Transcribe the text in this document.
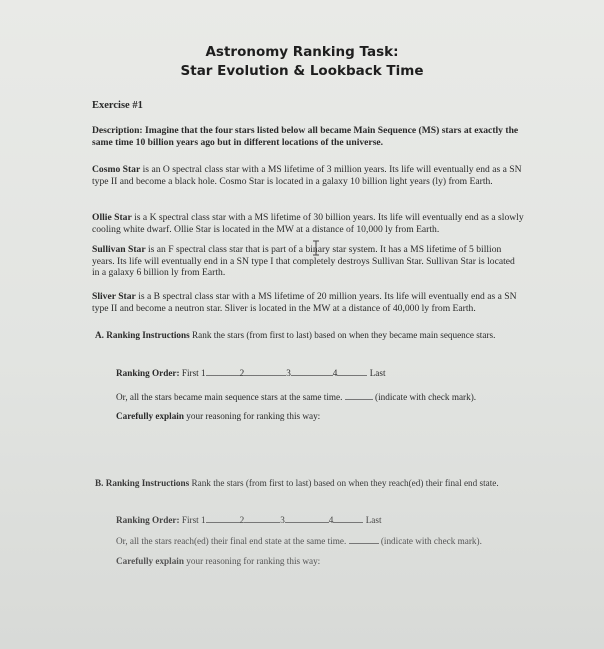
Astronomy Ranking Task:
Star Evolution & Lookback Time
Exercise #1
Description: Imagine that the four stars listed below all became Main Sequence (MS) stars at exactly the same time 10 billion years ago but in different locations of the universe.
Cosmo Star is an O spectral class star with a MS lifetime of 3 million years. Its life will eventually end as a SN type II and become a black hole. Cosmo Star is located in a galaxy 10 billion light years (ly) from Earth.
Ollie Star is a K spectral class star with a MS lifetime of 30 billion years. Its life will eventually end as a slowly cooling white dwarf. Ollie Star is located in the MW at a distance of 10,000 ly from Earth.
Sullivan Star is an F spectral class star that is part of a binary star system. It has a MS lifetime of 5 billion years. Its life will eventually end in a SN type I that completely destroys Sullivan Star. Sullivan Star is located in a galaxy 6 billion ly from Earth.
Sliver Star is a B spectral class star with a MS lifetime of 20 million years. Its life will eventually end as a SN type II and become a neutron star. Sliver is located in the MW at a distance of 40,000 ly from Earth.
A. Ranking Instructions Rank the stars (from first to last) based on when they became main sequence stars.
Ranking Order: First 1	2	3	4	Last
Or, all the stars became main sequence stars at the same time.	(indicate with check mark).
Carefully explain your reasoning for ranking this way:
B. Ranking Instructions Rank the stars (from first to last) based on when they reach(ed) their final end state.
Ranking Order: First 1	2	3	4	Last
Or, all the stars reach(ed) their final end state at the same time.	(indicate with check mark).
Carefully explain your reasoning for ranking this way:
